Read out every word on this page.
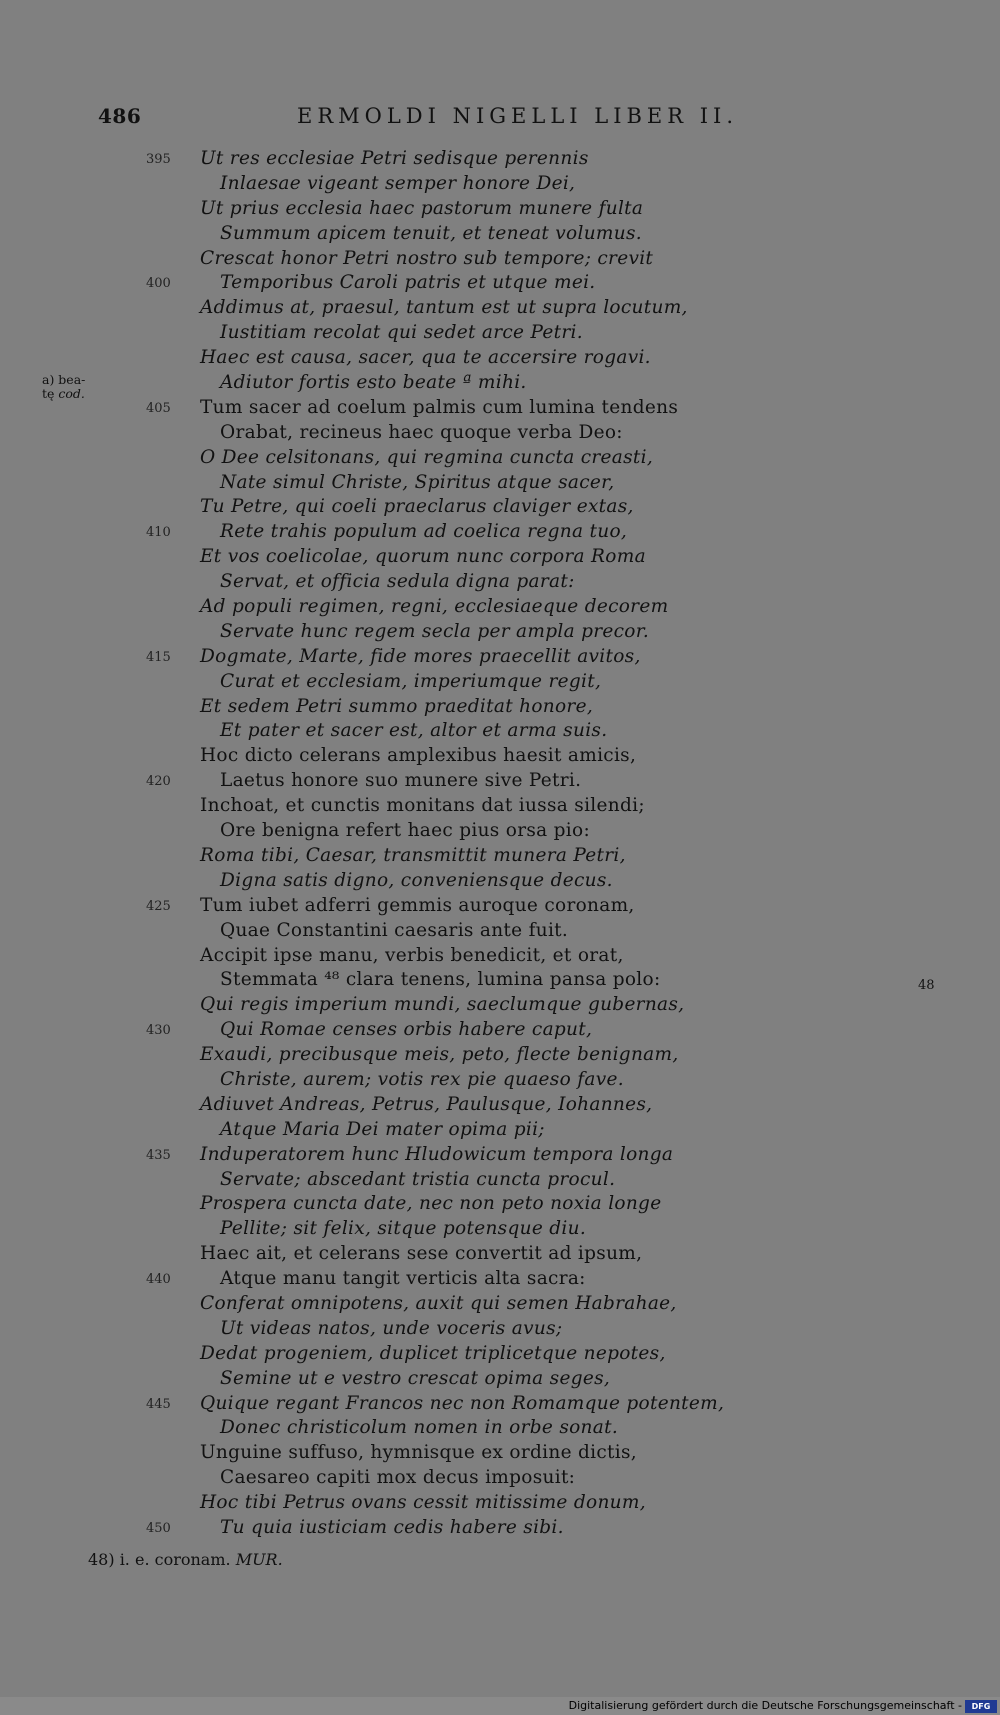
486	ERMOLDI NIGELLI LIBER II.
a) bea-
tę cod.
48
395 Ut res ecclesiae Petri sedisque perennis
Inlaesae vigeant semper honore Dei,
Ut prius ecclesia haec pastorum munere fulta
Summum apicem tenuit, et teneat volumus.
Crescat honor Petri nostro sub tempore; crevit
400	Temporibus Caroli patris et utque mei.
Addimus at, praesul, tantum est ut supra locutum,
Iustitiam recolat qui sedet arce Petri.
Haec est causa, sacer, qua te accersire rogavi.
Adiutor fortis esto beate ª mihi.
405 Tum sacer ad coelum palmis cum lumina tendens
Orabat, recineus haec quoque verba Deo:
O Dee celsitonans, qui regmina cuncta creasti,
Nate simul Christe, Spiritus atque sacer,
Tu Petre, qui coeli praeclarus claviger extas,
410	Rete trahis populum ad coelica regna tuo,
Et vos coelicolae, quorum nunc corpora Roma
Servat, et officia sedula digna parat:
Ad populi regimen, regni, ecclesiaeque decorem
Servate hunc regem secla per ampla precor.
415 Dogmate, Marte, fide mores praecellit avitos,
Curat et ecclesiam, imperiumque regit,
Et sedem Petri summo praeditat honore,
Et pater et sacer est, altor et arma suis.
Hoc dicto celerans amplexibus haesit amicis,
420	Laetus honore suo munere sive Petri.
Inchoat, et cunctis monitans dat iussa silendi;
Ore benigna refert haec pius orsa pio:
Roma tibi, Caesar, transmittit munera Petri,
Digna satis digno, conveniensque decus.
425 Tum iubet adferri gemmis auroque coronam,
Quae Constantini caesaris ante fuit.
Accipit ipse manu, verbis benedicit, et orat,
Stemmata ⁴⁸ clara tenens, lumina pansa polo:
Qui regis imperium mundi, saeclumque gubernas,
430	Qui Romae censes orbis habere caput,
Exaudi, precibusque meis, peto, flecte benignam,
Christe, aurem; votis rex pie quaeso fave.
Adiuvet Andreas, Petrus, Paulusque, Iohannes,
Atque Maria Dei mater opima pii;
435 Induperatorem hunc Hludowicum tempora longa
Servate; abscedant tristia cuncta procul.
Prospera cuncta date, nec non peto noxia longe
Pellite; sit felix, sitque potensque diu.
Haec ait, et celerans sese convertit ad ipsum,
440	Atque manu tangit verticis alta sacra:
Conferat omnipotens, auxit qui semen Habrahae,
Ut videas natos, unde voceris avus;
Dedat progeniem, duplicet triplicetque nepotes,
Semine ut e vestro crescat opima seges,
445 Quique regant Francos nec non Romamque potentem,
Donec christicolum nomen in orbe sonat.
Unguine suffuso, hymnisque ex ordine dictis,
Caesareo capiti mox decus imposuit:
Hoc tibi Petrus ovans cessit mitissime donum,
450	Tu quia iusticiam cedis habere sibi.
48) i. e. coronam. MUR.
Digitalisierung gefördert durch die Deutsche Forschungsgemeinschaft -	DFG
